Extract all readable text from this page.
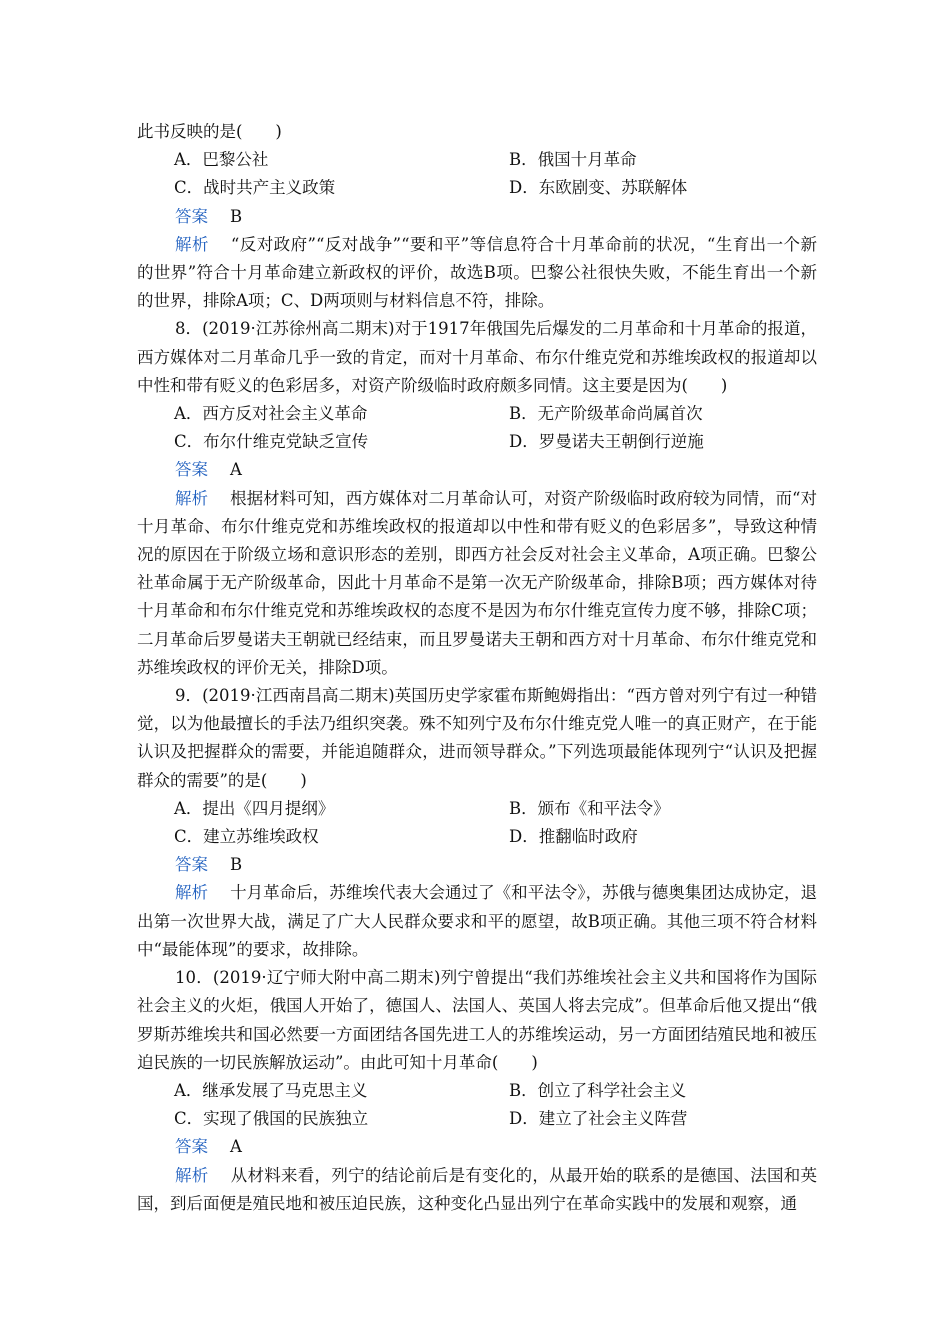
此书反映的是(　　)

A．巴黎公社	B．俄国十月革命
C．战时共产主义政策	D．东欧剧变、苏联解体

答案 B

解析 “反对政府”“反对战争”“要和平”等信息符合十月革命前的状况，“生育出一个新的世界”符合十月革命建立新政权的评价，故选B项。巴黎公社很快失败，不能生育出一个新的世界，排除A项；C、D两项则与材料信息不符，排除。

8．(2019·江苏徐州高二期末)对于1917年俄国先后爆发的二月革命和十月革命的报道，西方媒体对二月革命几乎一致的肯定，而对十月革命、布尔什维克党和苏维埃政权的报道却以中性和带有贬义的色彩居多，对资产阶级临时政府颇多同情。这主要是因为(　　)

A．西方反对社会主义革命	B．无产阶级革命尚属首次
C．布尔什维克党缺乏宣传	D．罗曼诺夫王朝倒行逆施

答案 A

解析 根据材料可知，西方媒体对二月革命认可，对资产阶级临时政府较为同情，而“对十月革命、布尔什维克党和苏维埃政权的报道却以中性和带有贬义的色彩居多”，导致这种情况的原因在于阶级立场和意识形态的差别，即西方社会反对社会主义革命，A项正确。巴黎公社革命属于无产阶级革命，因此十月革命不是第一次无产阶级革命，排除B项；西方媒体对待十月革命和布尔什维克党和苏维埃政权的态度不是因为布尔什维克宣传力度不够，排除C项；二月革命后罗曼诺夫王朝就已经结束，而且罗曼诺夫王朝和西方对十月革命、布尔什维克党和苏维埃政权的评价无关，排除D项。

9．(2019·江西南昌高二期末)英国历史学家霍布斯鲍姆指出：“西方曾对列宁有过一种错觉，以为他最擅长的手法乃组织突袭。殊不知列宁及布尔什维克党人唯一的真正财产，在于能认识及把握群众的需要，并能追随群众，进而领导群众。”下列选项最能体现列宁“认识及把握群众的需要”的是(　　)

A．提出《四月提纲》	B．颁布《和平法令》
C．建立苏维埃政权	D．推翻临时政府

答案 B

解析 十月革命后，苏维埃代表大会通过了《和平法令》，苏俄与德奥集团达成协定，退出第一次世界大战，满足了广大人民群众要求和平的愿望，故B项正确。其他三项不符合材料中“最能体现”的要求，故排除。

10．(2019·辽宁师大附中高二期末)列宁曾提出“我们苏维埃社会主义共和国将作为国际社会主义的火炬，俄国人开始了，德国人、法国人、英国人将去完成”。但革命后他又提出“俄罗斯苏维埃共和国必然要一方面团结各国先进工人的苏维埃运动，另一方面团结殖民地和被压迫民族的一切民族解放运动”。由此可知十月革命(　　)

A．继承发展了马克思主义	B．创立了科学社会主义
C．实现了俄国的民族独立	D．建立了社会主义阵营

答案 A

解析 从材料来看，列宁的结论前后是有变化的，从最开始的联系的是德国、法国和英国，到后面便是殖民地和被压迫民族，这种变化凸显出列宁在革命实践中的发展和观察，通
